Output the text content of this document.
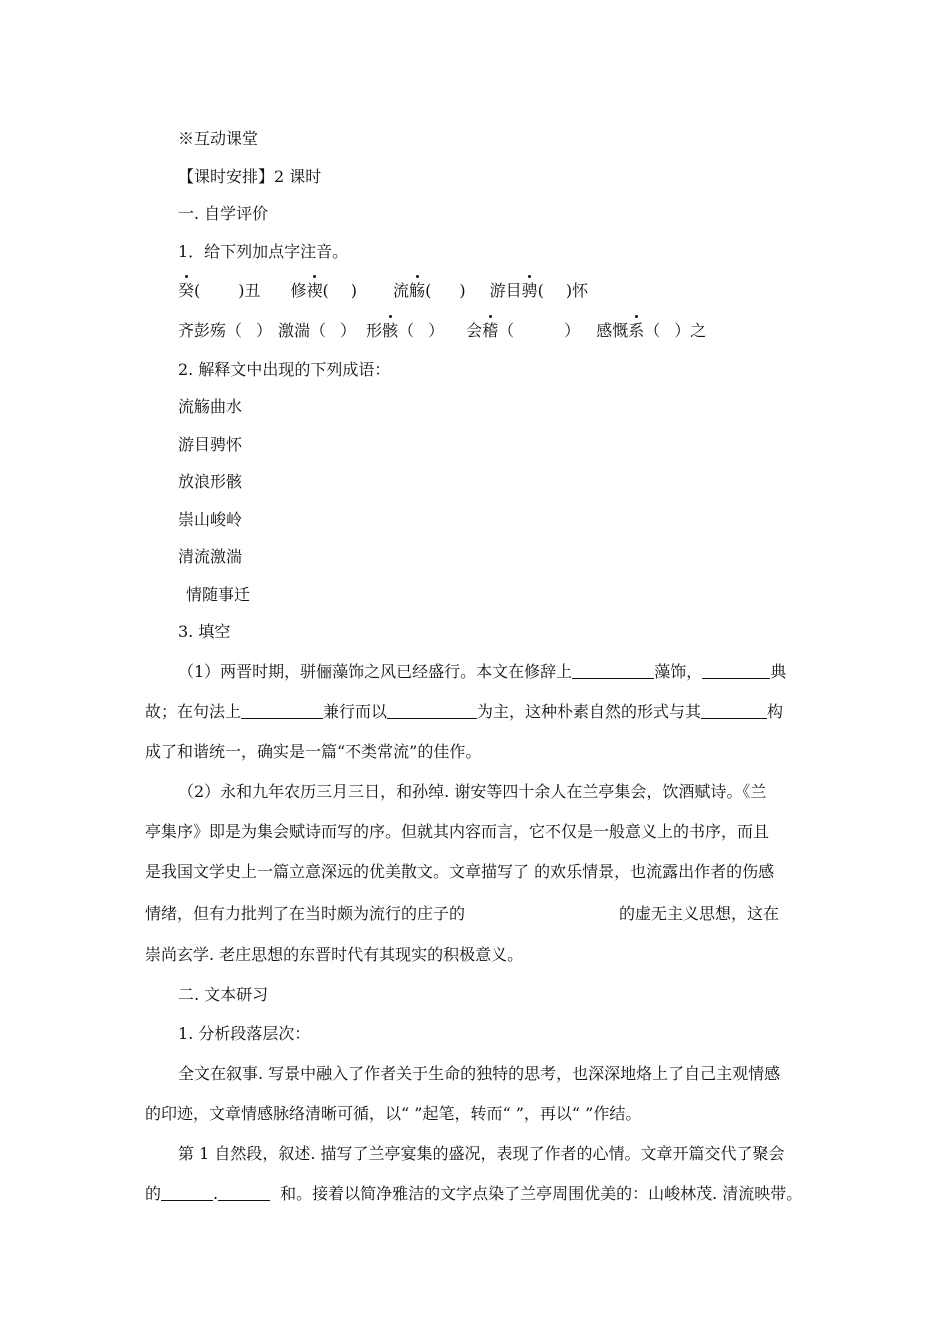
※互动课堂
【课时安排】2 课时
一. 自学评价
1．给下列加点字注音。
癸( )丑 修禊( ) 流觞( ) 游目骋( )怀
齐彭殇（ ） 激湍（ ） 形骸（ ） 会稽（	） 感慨系（ ）之
2. 解释文中出现的下列成语：
流觞曲水
游目骋怀
放浪形骸
崇山峻岭
清流激湍
情随事迁
3. 填空
（1）两晋时期，骈俪藻饰之风已经盛行。本文在修辞上	藻饰，	典
故；在句法上	兼行而以	为主，这种朴素自然的形式与其	构
成了和谐统一，确实是一篇“不类常流”的佳作。
（2）永和九年农历三月三日，和孙绰. 谢安等四十余人在兰亭集会，饮酒赋诗。《兰
亭集序》即是为集会赋诗而写的序。但就其内容而言，它不仅是一般意义上的书序，而且
是我国文学史上一篇立意深远的优美散文。文章描写了 的欢乐情景，也流露出作者的伤感
情绪，但有力批判了在当时颇为流行的庄子的	的虚无主义思想，这在
崇尚玄学. 老庄思想的东晋时代有其现实的积极意义。
二. 文本研习
1. 分析段落层次：
全文在叙事. 写景中融入了作者关于生命的独特的思考，也深深地烙上了自己主观情感
的印迹，文章情感脉络清晰可循，以“ ”起笔，转而“ ”，再以“ ”作结。
第 1 自然段，叙述. 描写了兰亭宴集的盛况，表现了作者的心情。文章开篇交代了聚会
的	.	和。接着以简净雅洁的文字点染了兰亭周围优美的：山峻林茂. 清流映带。
